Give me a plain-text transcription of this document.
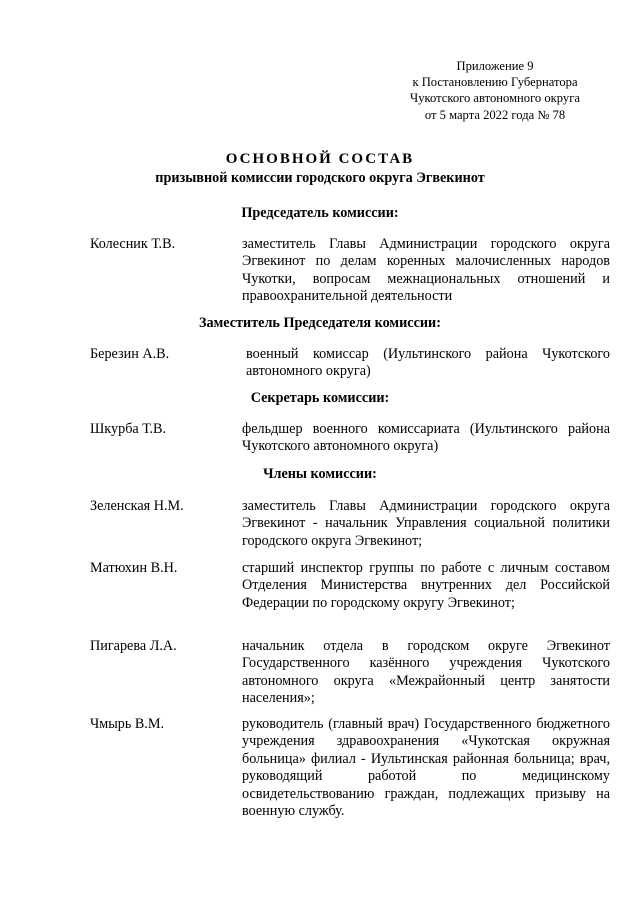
Приложение 9
к Постановлению Губернатора
Чукотского автономного округа
от 5 марта 2022 года № 78
ОСНОВНОЙ СОСТАВ
призывной комиссии городского округа Эгвекинот
Председатель комиссии:
Колесник Т.В.	заместитель Главы Администрации городского округа Эгвекинот по делам коренных малочисленных народов Чукотки, вопросам межнациональных отношений и правоохранительной деятельности
Заместитель Председателя комиссии:
Березин А.В.	военный комиссар (Иультинского района Чукотского автономного округа)
Секретарь комиссии:
Шкурба Т.В.	фельдшер военного комиссариата (Иультинского района Чукотского автономного округа)
Члены комиссии:
Зеленская Н.М.	заместитель Главы Администрации городского округа Эгвекинот - начальник Управления социальной политики городского округа Эгвекинот;
Матюхин В.Н.	старший инспектор группы по работе с личным составом Отделения Министерства внутренних дел Российской Федерации по городскому округу Эгвекинот;
Пигарева Л.А.	начальник отдела в городском округе Эгвекинот Государственного казённого учреждения Чукотского автономного округа «Межрайонный центр занятости населения»;
Чмырь В.М.	руководитель (главный врач) Государственного бюджетного учреждения здравоохранения «Чукотская окружная больница» филиал - Иультинская районная больница; врач, руководящий работой по медицинскому освидетельствованию граждан, подлежащих призыву на военную службу.
